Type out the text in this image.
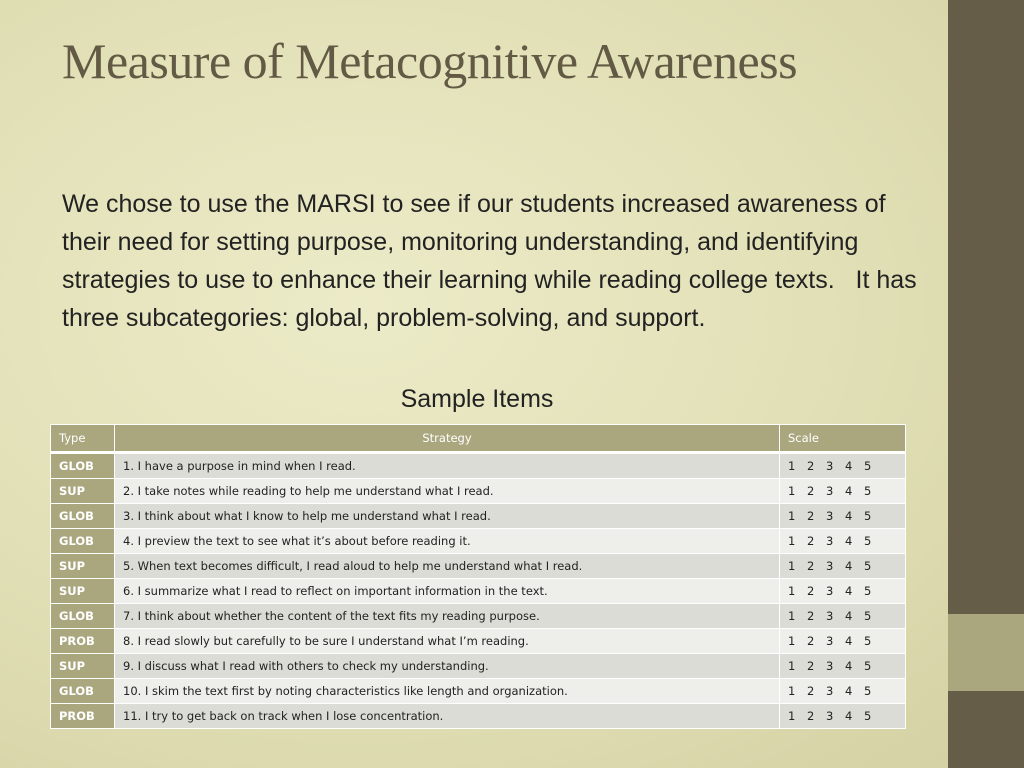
Measure of Metacognitive Awareness

We chose to use the MARSI to see if our students increased awareness of their need for setting purpose, monitoring understanding, and identifying strategies to use to enhance their learning while reading college texts.   It has three subcategories: global, problem-solving, and support.

Sample Items
Type	Strategy	Scale
GLOB	1. I have a purpose in mind when I read.	1 2 3 4 5
SUP	2. I take notes while reading to help me understand what I read.	1 2 3 4 5
GLOB	3. I think about what I know to help me understand what I read.	1 2 3 4 5
GLOB	4. I preview the text to see what it’s about before reading it.	1 2 3 4 5
SUP	5. When text becomes difficult, I read aloud to help me understand what I read.	1 2 3 4 5
SUP	6. I summarize what I read to reflect on important information in the text.	1 2 3 4 5
GLOB	7. I think about whether the content of the text fits my reading purpose.	1 2 3 4 5
PROB	8. I read slowly but carefully to be sure I understand what I’m reading.	1 2 3 4 5
SUP	9. I discuss what I read with others to check my understanding.	1 2 3 4 5
GLOB	10. I skim the text first by noting characteristics like length and organization.	1 2 3 4 5
PROB	11. I try to get back on track when I lose concentration.	1 2 3 4 5
